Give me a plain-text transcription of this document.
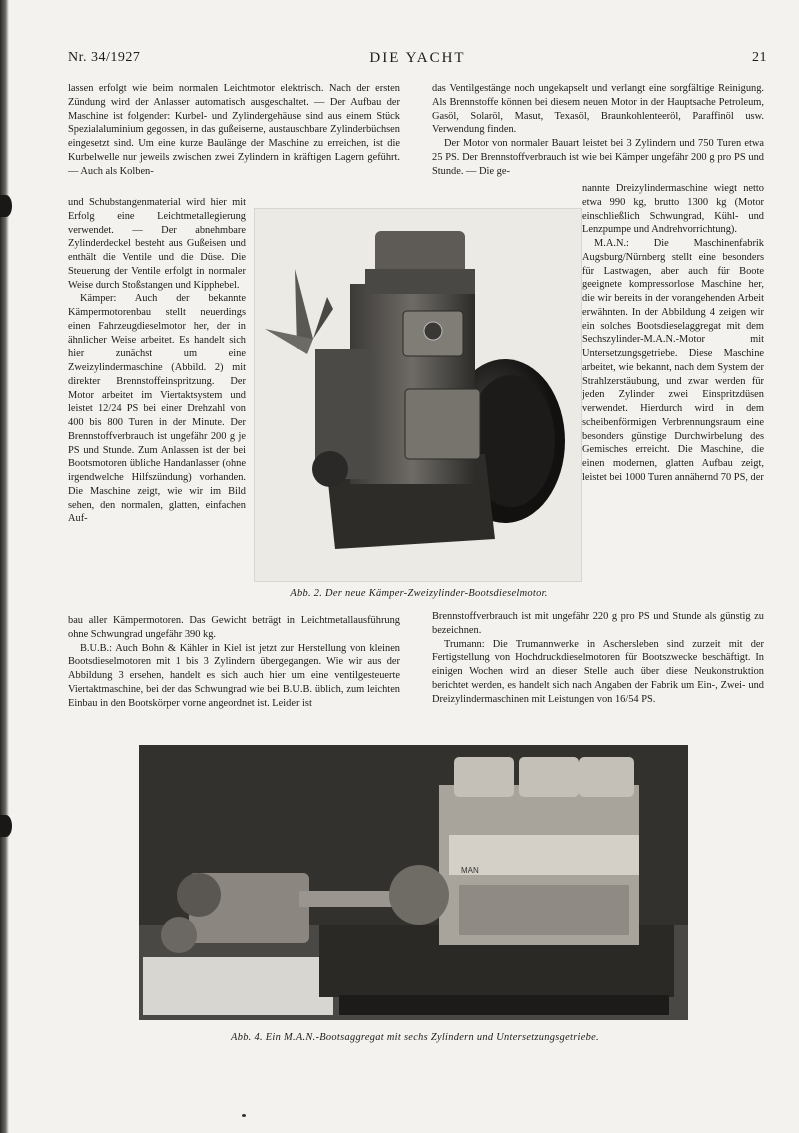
Nr. 34/1927	DIE YACHT	21

lassen erfolgt wie beim normalen Leichtmotor elektrisch. Nach der ersten Zündung wird der Anlasser automatisch ausgeschaltet. — Der Aufbau der Maschine ist folgender: Kurbel- und Zylindergehäuse sind aus einem Stück Spezialaluminium gegossen, in das gußeiserne, austauschbare Zylinderbüchsen eingesetzt sind. Um eine kurze Baulänge der Maschine zu erreichen, ist die Kurbelwelle nur jeweils zwischen zwei Zylindern in kräftigen Lagern geführt. — Auch als Kolben-

und Schubstangenmaterial wird hier mit Erfolg eine Leichtmetallegierung verwendet. — Der abnehmbare Zylinderdeckel besteht aus Gußeisen und enthält die Ventile und die Düse. Die Steuerung der Ventile erfolgt in normaler Weise durch Stoßstangen und Kipphebel.

Kämper: Auch der bekannte Kämpermotorenbau stellt neuerdings einen Fahrzeugdieselmotor her, der in ähnlicher Weise arbeitet. Es handelt sich hier zunächst um eine Zweizylindermaschine (Abbild. 2) mit direkter Brennstoffeinspritzung. Der Motor arbeitet im Viertaktsystem und leistet 12/24 PS bei einer Drehzahl von 400 bis 800 Turen in der Minute. Der Brennstoffverbrauch ist ungefähr 200 g je PS und Stunde. Zum Anlassen ist der bei Bootsmotoren übliche Handanlasser (ohne irgendwelche Hilfszündung) vorhanden. Die Maschine zeigt, wie wir im Bild sehen, den normalen, glatten, einfachen Auf-

bau aller Kämpermotoren. Das Gewicht beträgt in Leichtmetallausführung ohne Schwungrad ungefähr 390 kg.

B.U.B.: Auch Bohn & Kähler in Kiel ist jetzt zur Herstellung von kleinen Bootsdieselmotoren mit 1 bis 3 Zylindern übergegangen. Wie wir aus der Abbildung 3 ersehen, handelt es sich auch hier um eine ventilgesteuerte Viertaktmaschine, bei der das Schwungrad wie bei B.U.B. üblich, zum leichten Einbau in den Bootskörper vorne angeordnet ist. Leider ist

das Ventilgestänge noch ungekapselt und verlangt eine sorgfältige Reinigung. Als Brennstoffe können bei diesem neuen Motor in der Hauptsache Petroleum, Gasöl, Solaröl, Masut, Texasöl, Braunkohlenteeröl, Paraffinöl usw. Verwendung finden.

Der Motor von normaler Bauart leistet bei 3 Zylindern und 750 Turen etwa 25 PS. Der Brennstoffverbrauch ist wie bei Kämper ungefähr 200 g pro PS und Stunde. — Die ge-

nannte Dreizylindermaschine wiegt netto etwa 990 kg, brutto 1300 kg (Motor einschließlich Schwungrad, Kühl- und Lenzpumpe und Andrehvorrichtung).

M.A.N.: Die Maschinenfabrik Augsburg/Nürnberg stellt eine besonders für Lastwagen, aber auch für Boote geeignete kompressorlose Maschine her, die wir bereits in der vorangehenden Arbeit erwähnten. In der Abbildung 4 zeigen wir ein solches Bootsdieselaggregat mit dem Sechszylinder-M.A.N.-Motor mit Untersetzungsgetriebe. Diese Maschine arbeitet, wie bekannt, nach dem System der Strahlzerstäubung, und zwar werden für jeden Zylinder zwei Einspritzdüsen verwendet. Hierdurch wird in dem scheibenförmigen Verbrennungsraum eine besonders günstige Durchwirbelung des Gemisches erreicht. Die Maschine, die einen modernen, glatten Aufbau zeigt, leistet bei 1000 Turen annähernd 70 PS, der

Brennstoffverbrauch ist mit ungefähr 220 g pro PS und Stunde als günstig zu bezeichnen.

Trumann: Die Trumannwerke in Aschersleben sind zurzeit mit der Fertigstellung von Hochdruckdieselmotoren für Bootszwecke beschäftigt. In einigen Wochen wird an dieser Stelle auch über diese Neukonstruktion berichtet werden, es handelt sich nach Angaben der Fabrik um Ein-, Zwei- und Dreizylindermaschinen mit Leistungen von 16/54 PS.

Abb. 2. Der neue Kämper-Zweizylinder-Bootsdieselmotor.
MAN
Abb. 4. Ein M.A.N.-Bootsaggregat mit sechs Zylindern und Untersetzungsgetriebe.
